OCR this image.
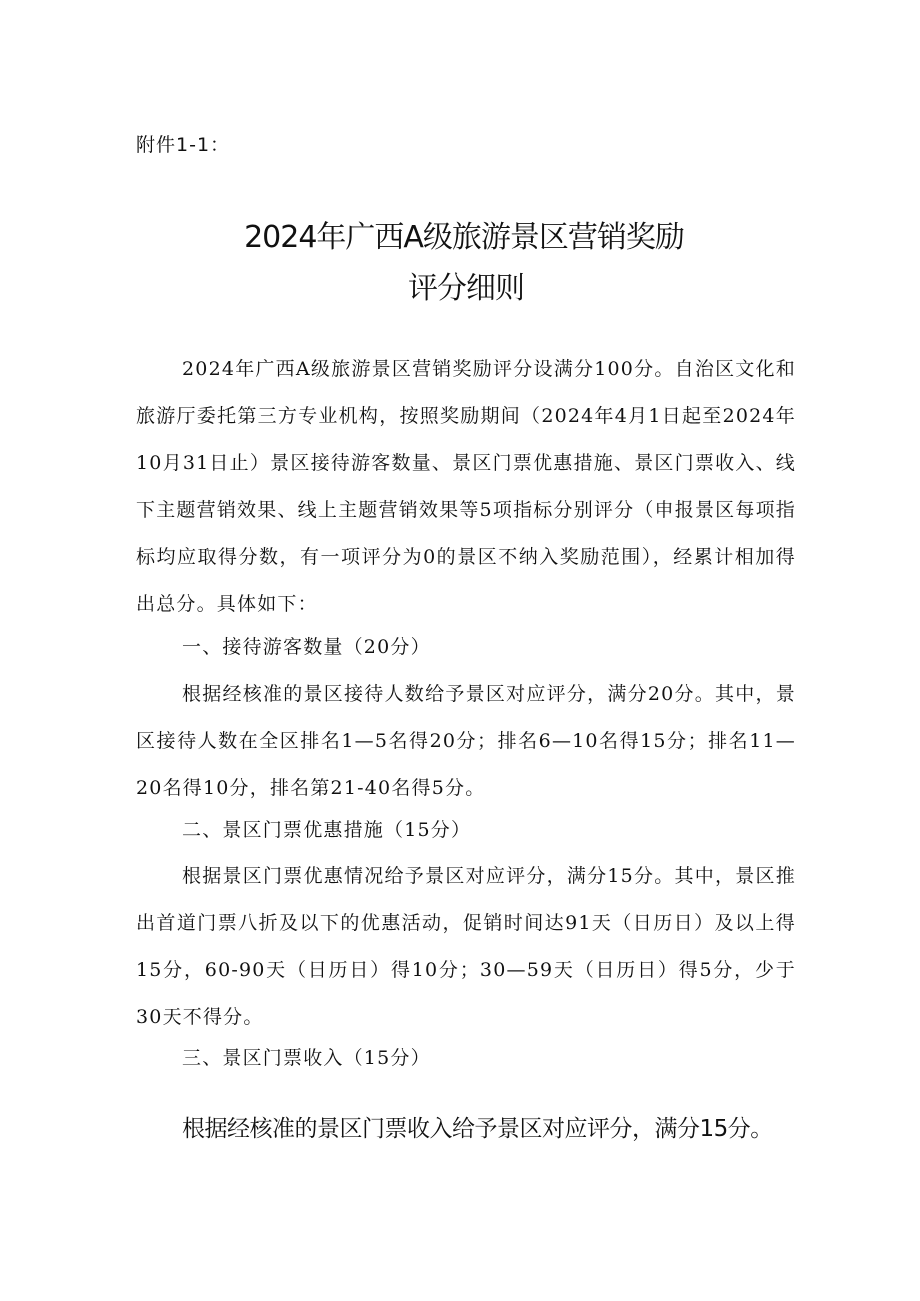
附件1-1：
2024年广西A级旅游景区营销奖励
评分细则

2024年广西A级旅游景区营销奖励评分设满分100分。自治区文化和旅游厅委托第三方专业机构，按照奖励期间（2024年4月1日起至2024年10月31日止）景区接待游客数量、景区门票优惠措施、景区门票收入、线下主题营销效果、线上主题营销效果等5项指标分别评分（申报景区每项指标均应取得分数，有一项评分为0的景区不纳入奖励范围），经累计相加得出总分。具体如下：

一、接待游客数量（20分）

根据经核准的景区接待人数给予景区对应评分，满分20分。其中，景区接待人数在全区排名1—5名得20分；排名6—10名得15分；排名11—20名得10分，排名第21-40名得5分。

二、景区门票优惠措施（15分）

根据景区门票优惠情况给予景区对应评分，满分15分。其中，景区推出首道门票八折及以下的优惠活动，促销时间达91天（日历日）及以上得15分，60-90天（日历日）得10分；30—59天（日历日）得5分，少于30天不得分。

三、景区门票收入（15分）

根据经核准的景区门票收入给予景区对应评分，满分15分。
